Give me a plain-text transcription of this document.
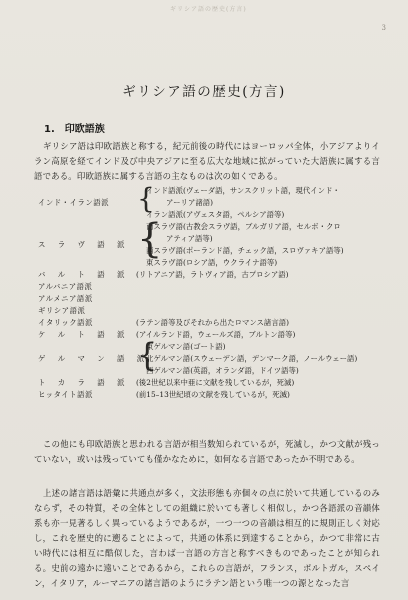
ギリシア語の歴史(方言)
3
ギリシア語の歴史(方言)
1. 印欧語族

ギリシア語は印欧語族と称する，紀元前後の時代にはヨーロッパ全体，小アジアよりイラン高原を経てインド及び中央アジアに至る広大な地域に拡がっていた大語族に属する言語である。印欧語族に属する言語の主なものは次の如くである。

インド・イラン語派 {
インド語派(ヴェーダ語，サンスクリット語，現代インド・
アーリア諸語)
イラン語派(アヴェスタ語，ペルシア語等)
南スラヴ語(古教会スラヴ語，ブルガリア語，セルボ・クロ
{
ス ラ ヴ 語 派
アティア語等)
西スラヴ語(ポーランド語，チェック語，スロヴァキア語等)
東スラヴ語(ロシア語，ウクライナ語等)
バ ル ト 語 派 (リトアニア語，ラトヴィア語，古プロシア語)
アルバニア語派
アルメニア語派
ギリシア語派
イタリック語派	(ラテン語等及びそれから出たロマンス諸言語)
ケ ル ト 語 派 (アイルランド語，ウェールズ語，ブルトン語等)
東ゲルマン語(ゴート語)
{
ゲ ル マ ン 語 派
北ゲルマン語(スウェーデン語，デンマーク語，ノールウェー語)
西ゲルマン語(英語，オランダ語，ドイツ語等)
ト カ ラ 語 派 (後2世紀以来中亜に文献を残しているが，死滅)
ヒッタイト語派	(前15–13世紀頃の文献を残しているが，死滅)

この他にも印欧語族と思われる言語が相当数知られているが，死滅し，かつ文献が残っていない，或いは残っていても僅かなために，如何なる言語であったか不明である。

上述の諸言語は語彙に共通点が多く，文法形態も亦個々の点に於いて共通しているのみならず，その特質，その全体としての組織に於いても著しく相似し，かつ各語派の音韻体系も亦一見著るしく異っているようであるが，一つ一つの音韻は相互的に規則正しく対応し，これを歴史的に遡ることによって，共通の体系に到達することから，かつて非常に古い時代には相互に酷似した，言わば一言語の方言と称すべきものであったことが知られる。史前の遠かに遠いことであるから，これらの言語が，フランス，ポルトガル，スペイン，イタリア，ルーマニアの諸言語のようにラテン語という唯一つの源となった言
